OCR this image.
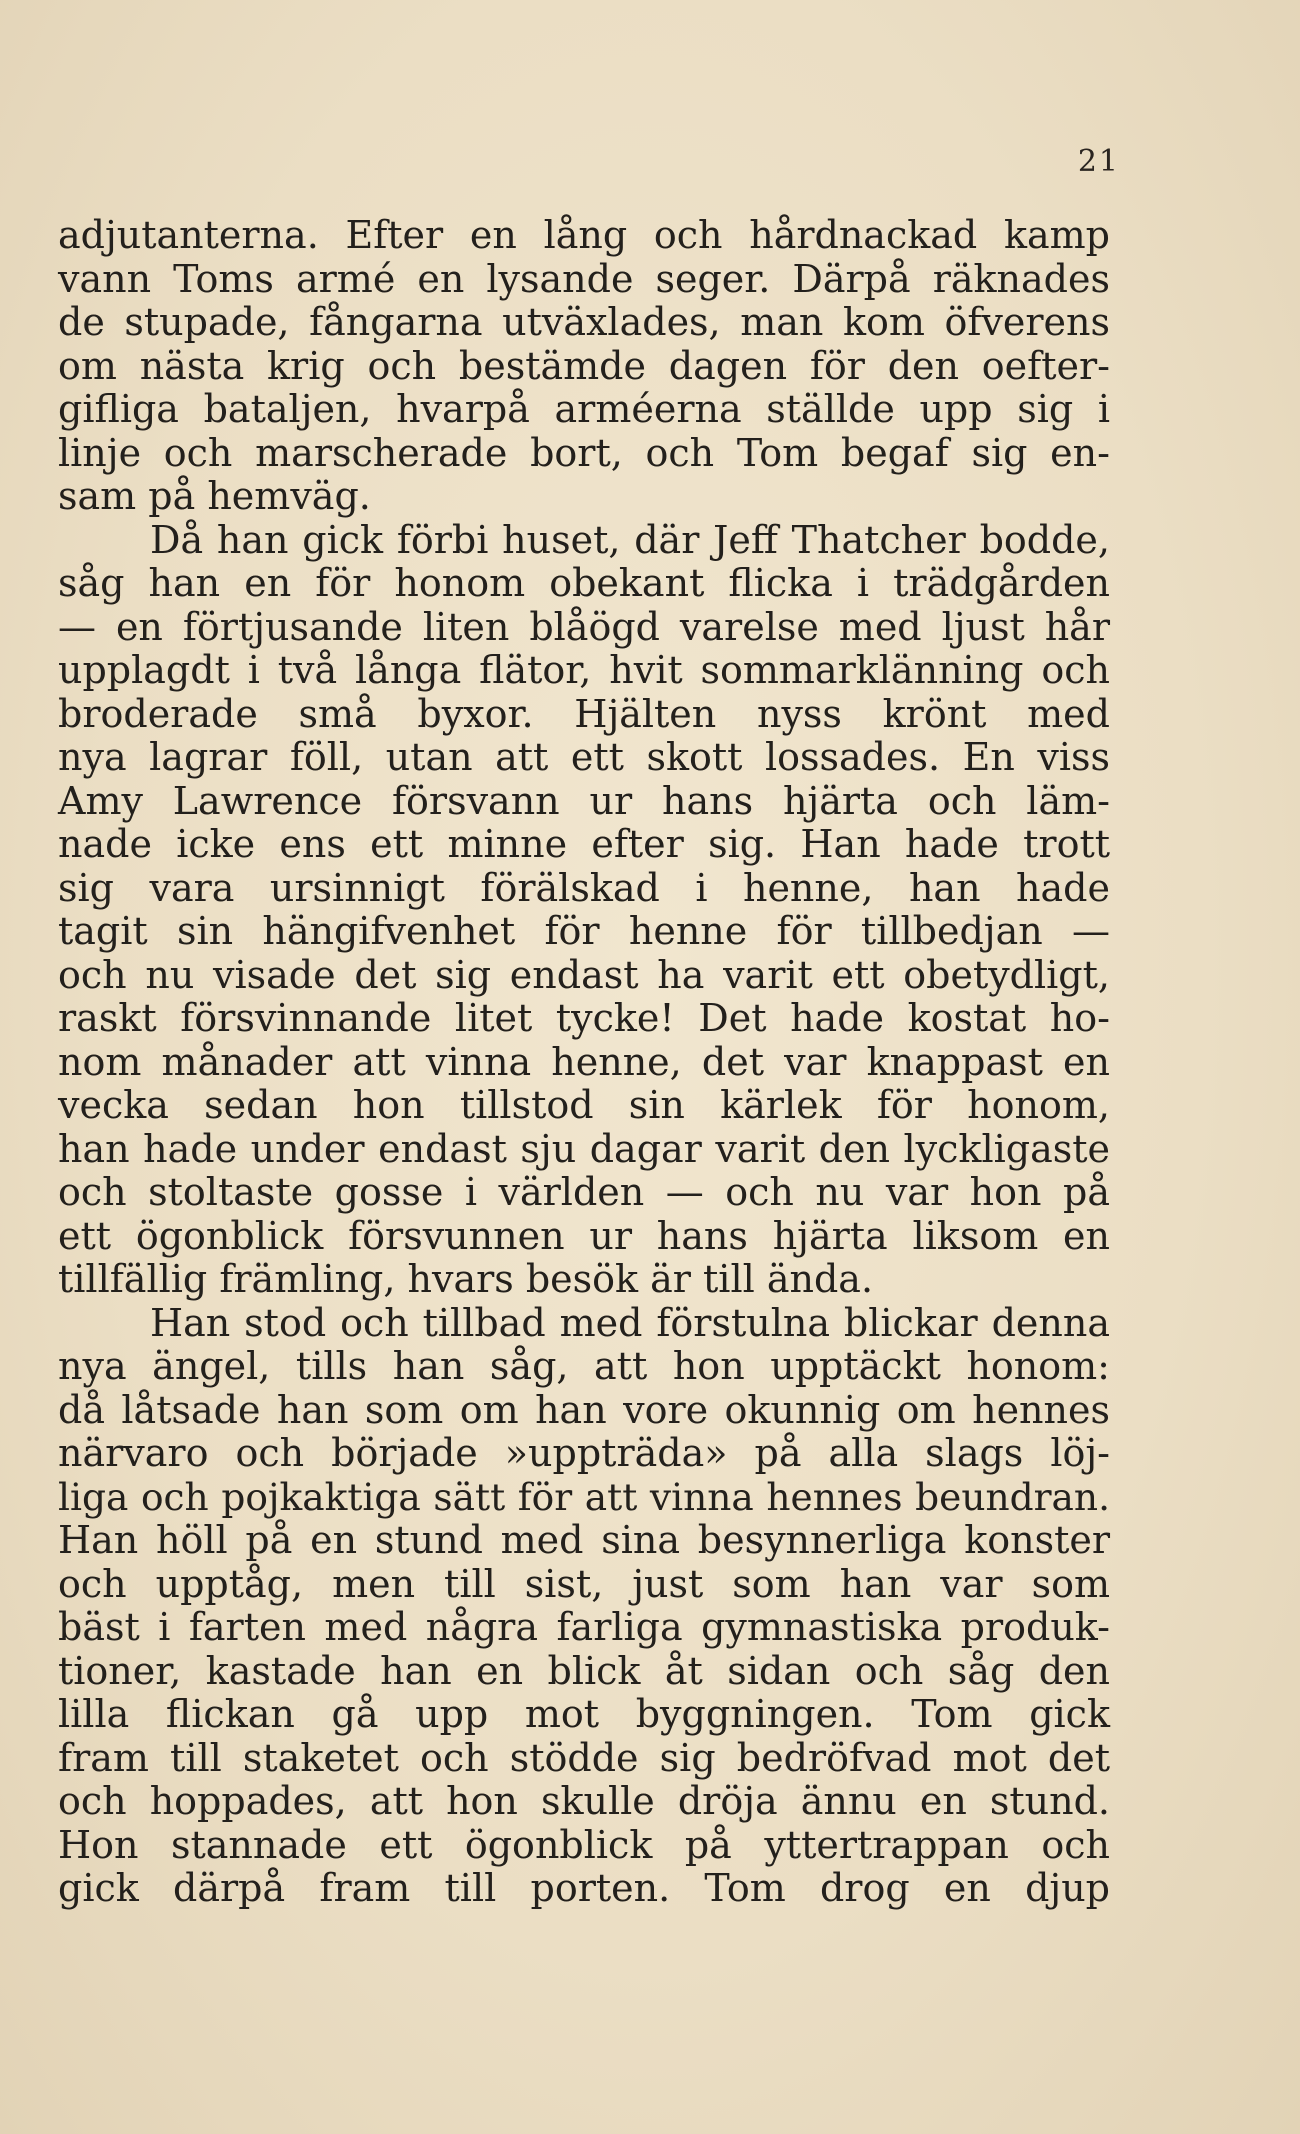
21
adjutanterna. Efter en lång och hårdnackad kamp
vann Toms armé en lysande seger. Därpå räknades
de stupade, fångarna utväxlades, man kom öfverens
om nästa krig och bestämde dagen för den oefter-
gifliga bataljen, hvarpå arméerna ställde upp sig i
linje och marscherade bort, och Tom begaf sig en-
sam på hemväg.
Då han gick förbi huset, där Jeff Thatcher bodde,
såg han en för honom obekant flicka i trädgården
— en förtjusande liten blåögd varelse med ljust hår
upplagdt i två långa flätor, hvit sommarklänning och
broderade små byxor. Hjälten nyss krönt med
nya lagrar föll, utan att ett skott lossades. En viss
Amy Lawrence försvann ur hans hjärta och läm-
nade icke ens ett minne efter sig. Han hade trott
sig vara ursinnigt förälskad i henne, han hade
tagit sin hängifvenhet för henne för tillbedjan —
och nu visade det sig endast ha varit ett obetydligt,
raskt försvinnande litet tycke! Det hade kostat ho-
nom månader att vinna henne, det var knappast en
vecka sedan hon tillstod sin kärlek för honom,
han hade under endast sju dagar varit den lyckligaste
och stoltaste gosse i världen — och nu var hon på
ett ögonblick försvunnen ur hans hjärta liksom en
tillfällig främling, hvars besök är till ända.
Han stod och tillbad med förstulna blickar denna
nya ängel, tills han såg, att hon upptäckt honom:
då låtsade han som om han vore okunnig om hennes
närvaro och började »uppträda» på alla slags löj-
liga och pojkaktiga sätt för att vinna hennes beundran.
Han höll på en stund med sina besynnerliga konster
och upptåg, men till sist, just som han var som
bäst i farten med några farliga gymnastiska produk-
tioner, kastade han en blick åt sidan och såg den
lilla flickan gå upp mot byggningen. Tom gick
fram till staketet och stödde sig bedröfvad mot det
och hoppades, att hon skulle dröja ännu en stund.
Hon stannade ett ögonblick på yttertrappan och
gick därpå fram till porten. Tom drog en djup
